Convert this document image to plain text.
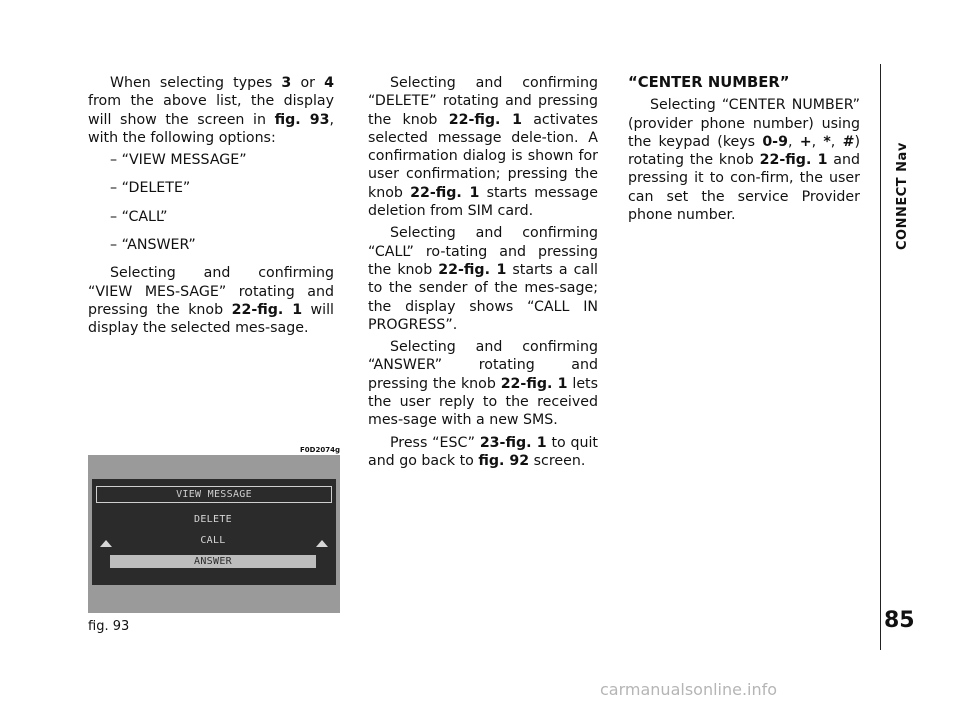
When selecting types 3 or 4 from the above list, the display will show the screen in fig. 93, with the following options:

– “VIEW MESSAGE”

– “DELETE”

– “CALL”

– “ANSWER”

Selecting and confirming “VIEW MES-SAGE” rotating and pressing the knob 22-fig. 1 will display the selected mes-sage.

Selecting and confirming “DELETE” rotating and pressing the knob 22-fig. 1 activates selected message dele-tion. A confirmation dialog is shown for user confirmation; pressing the knob 22-fig. 1 starts message deletion from SIM card.

Selecting and confirming “CALL” ro-tating and pressing the knob 22-fig. 1 starts a call to the sender of the mes-sage; the display shows “CALL IN PROGRESS”.

Selecting and confirming “ANSWER” rotating and pressing the knob 22-fig. 1 lets the user reply to the received mes-sage with a new SMS.

Press “ESC” 23-fig. 1 to quit and go back to fig. 92 screen.

“CENTER NUMBER”

Selecting “CENTER NUMBER” (provider phone number) using the keypad (keys 0-9, +, *, #) rotating the knob 22-fig. 1 and pressing it to con-firm, the user can set the service Provider phone number.

F0D2074g
VIEW MESSAGE
DELETE
CALL
ANSWER
fig. 93
CONNECT Nav
85
carmanualsonline.info
